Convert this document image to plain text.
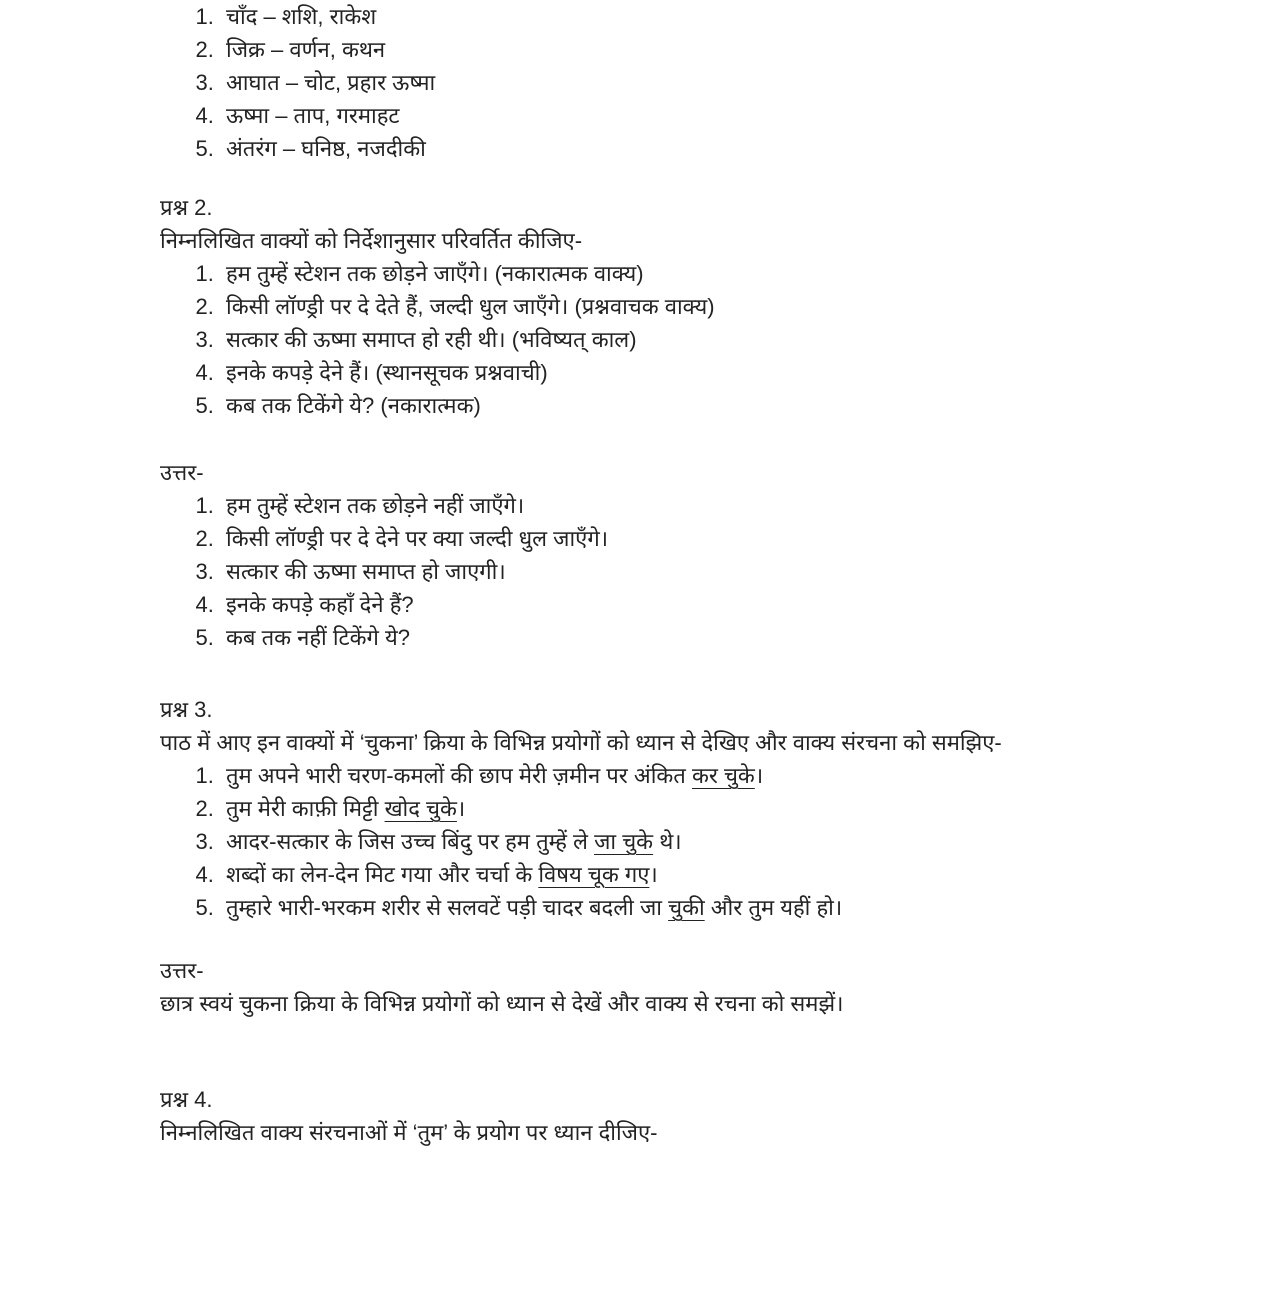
1. चाँद – शशि, राकेश
2. जिक्र – वर्णन, कथन
3. आघात – चोट, प्रहार ऊष्मा
4. ऊष्मा – ताप, गरमाहट
5. अंतरंग – घनिष्ठ, नजदीकी

प्रश्न 2.
निम्नलिखित वाक्यों को निर्देशानुसार परिवर्तित कीजिए-

1. हम तुम्हें स्टेशन तक छोड़ने जाएँगे। (नकारात्मक वाक्य)
2. किसी लॉण्ड्री पर दे देते हैं, जल्दी धुल जाएँगे। (प्रश्नवाचक वाक्य)
3. सत्कार की ऊष्मा समाप्त हो रही थी। (भविष्यत् काल)
4. इनके कपड़े देने हैं। (स्थानसूचक प्रश्नवाची)
5. कब तक टिकेंगे ये? (नकारात्मक)

उत्तर-

1. हम तुम्हें स्टेशन तक छोड़ने नहीं जाएँगे।
2. किसी लॉण्ड्री पर दे देने पर क्या जल्दी धुल जाएँगे।
3. सत्कार की ऊष्मा समाप्त हो जाएगी।
4. इनके कपड़े कहाँ देने हैं?
5. कब तक नहीं टिकेंगे ये?

प्रश्न 3.
पाठ में आए इन वाक्यों में ‘चुकना’ क्रिया के विभिन्न प्रयोगों को ध्यान से देखिए और वाक्य संरचना को समझिए-

1. तुम अपने भारी चरण-कमलों की छाप मेरी ज़मीन पर अंकित कर चुके।
2. तुम मेरी काफ़ी मिट्टी खोद चुके।
3. आदर-सत्कार के जिस उच्च बिंदु पर हम तुम्हें ले जा चुके थे।
4. शब्दों का लेन-देन मिट गया और चर्चा के विषय चूक गए।
5. तुम्हारे भारी-भरकम शरीर से सलवटें पड़ी चादर बदली जा चुकी और तुम यहीं हो।

उत्तर-
छात्र स्वयं चुकना क्रिया के विभिन्न प्रयोगों को ध्यान से देखें और वाक्य से रचना को समझें।

प्रश्न 4.
निम्नलिखित वाक्य संरचनाओं में ‘तुम’ के प्रयोग पर ध्यान दीजिए-
